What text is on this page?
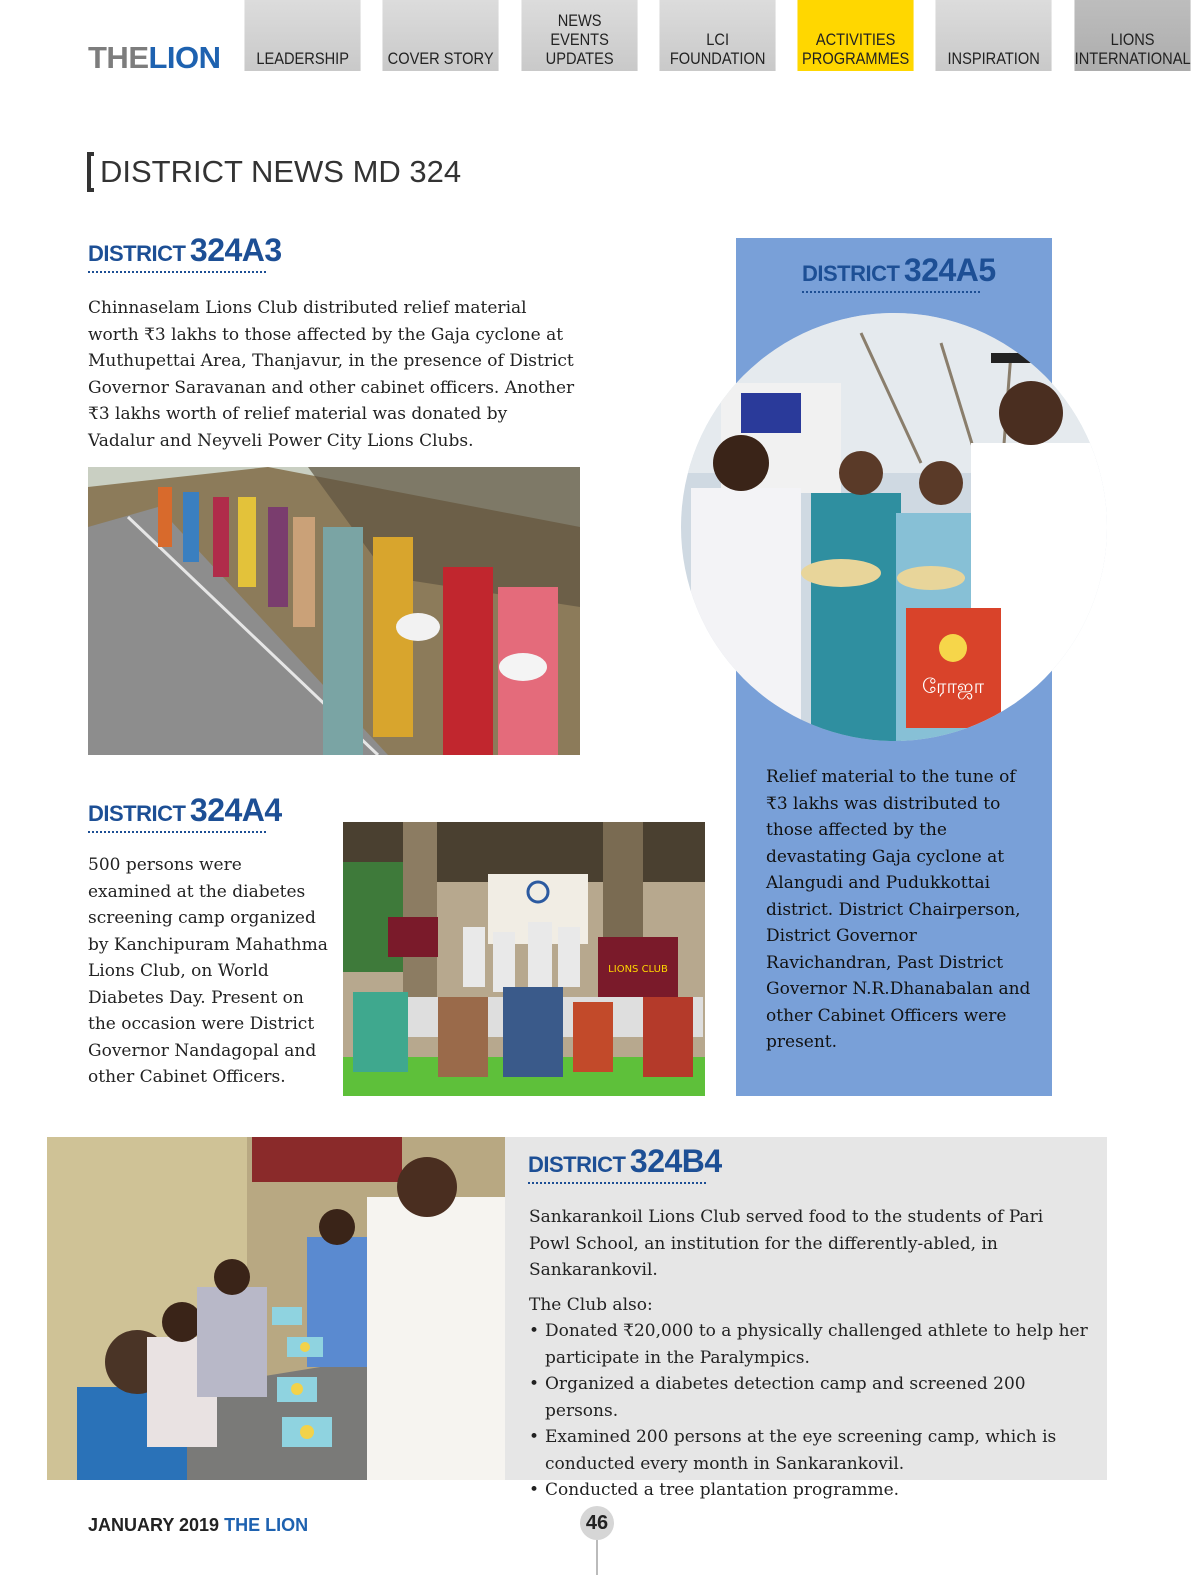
THELION LEADERSHIP COVER STORY
NEWS
EVENTS
UPDATES
LCI
FOUNDATION
ACTIVITIES
PROGRAMMES INSPIRATION
LIONS
INTERNATIONAL
DISTRICT NEWS MD 324
DISTRICT 324A3
Chinnaselam Lions Club distributed relief material worth ₹3 lakhs to those affected by the Gaja cyclone at Muthupettai Area, Thanjavur, in the presence of District Governor Saravanan and other cabinet officers. Another ₹3 lakhs worth of relief material was donated by Vadalur and Neyveli Power City Lions Clubs.
DISTRICT 324A4
500 persons were examined at the diabetes screening camp organized by Kanchipuram Mahathma Lions Club, on World Diabetes Day. Present on the occasion were District Governor Nandagopal and other Cabinet Officers.
LIONS CLUB
DISTRICT 324A5
ரோஜா
Relief material to the tune of ₹3 lakhs was distributed to those affected by the devastating Gaja cyclone at Alangudi and Pudukkottai district. District Chairperson, District Governor Ravichandran, Past District Governor N.R.Dhanabalan and other Cabinet Officers were present.
DISTRICT 324B4
Sankarankoil Lions Club served food to the students of Pari Powl School, an institution for the differently-abled, in Sankarankovil.
The Club also:
• Donated ₹20,000 to a physically challenged athlete to help her participate in the Paralympics.
• Organized a diabetes detection camp and screened 200 persons.
• Examined 200 persons at the eye screening camp, which is conducted every month in Sankarankovil.
• Conducted a tree plantation programme.
JANUARY 2019 THE LION	46
